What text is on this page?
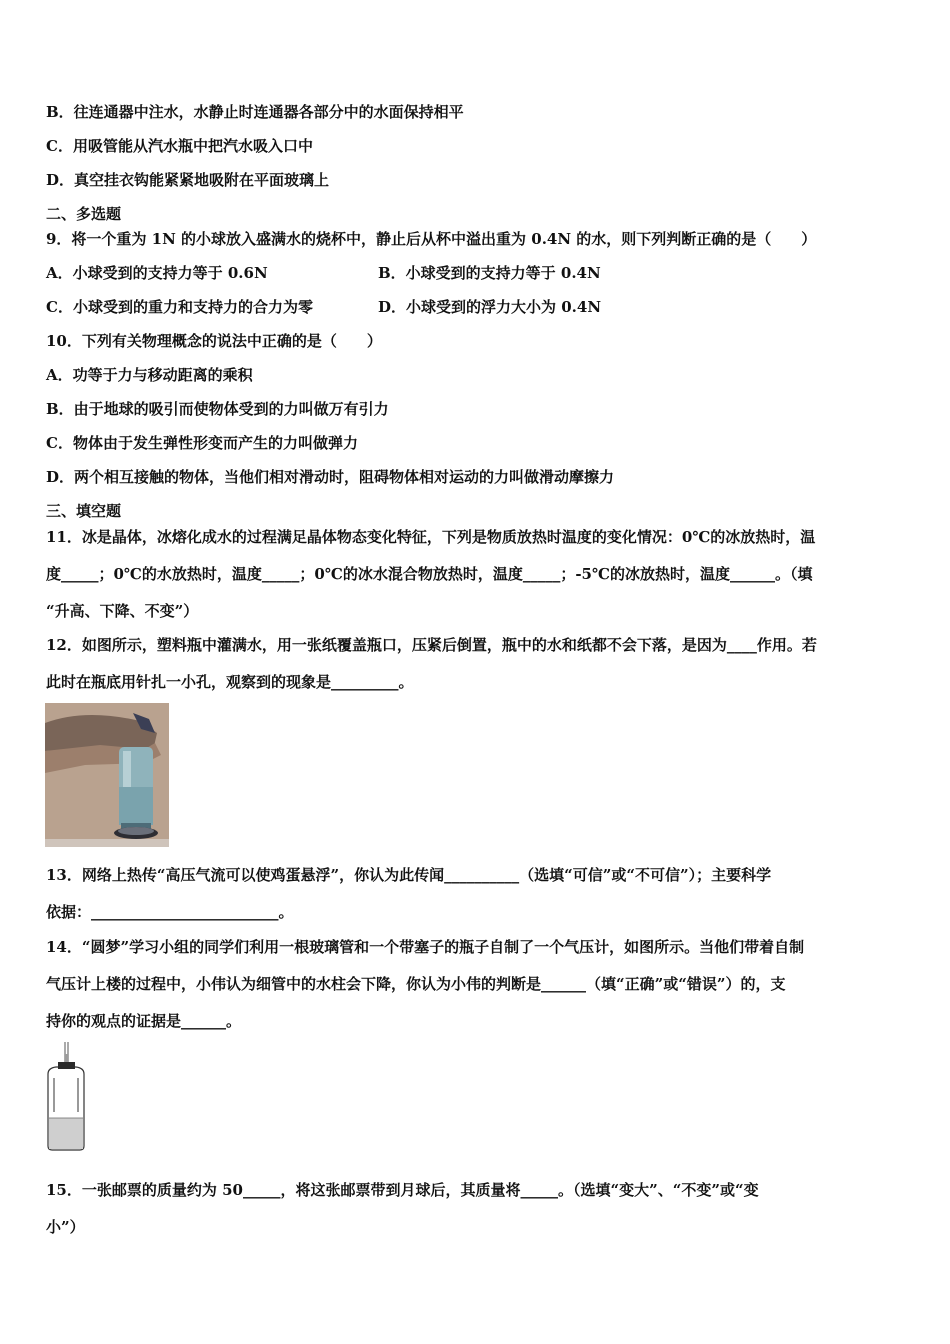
B．往连通器中注水，水静止时连通器各部分中的水面保持相平
C．用吸管能从汽水瓶中把汽水吸入口中
D．真空挂衣钩能紧紧地吸附在平面玻璃上
二、多选题
9．将一个重为 1N 的小球放入盛满水的烧杯中，静止后从杯中溢出重为 0.4N 的水，则下列判断正确的是（　　）
A．小球受到的支持力等于 0.6N	B．小球受到的支持力等于 0.4N
C．小球受到的重力和支持力的合力为零	D．小球受到的浮力大小为 0.4N
10．下列有关物理概念的说法中正确的是（　　）
A．功等于力与移动距离的乘积
B．由于地球的吸引而使物体受到的力叫做万有引力
C．物体由于发生弹性形变而产生的力叫做弹力
D．两个相互接触的物体，当他们相对滑动时，阻碍物体相对运动的力叫做滑动摩擦力
三、填空题
11．冰是晶体，冰熔化成水的过程满足晶体物态变化特征，下列是物质放热时温度的变化情况：0℃的冰放热时，温
度_____；0℃的水放热时，温度_____；0℃的冰水混合物放热时，温度_____；-5℃的冰放热时，温度______。（填
“升高、下降、不变”）
12．如图所示，塑料瓶中灌满水，用一张纸覆盖瓶口，压紧后倒置，瓶中的水和纸都不会下落，是因为____作用。若
此时在瓶底用针扎一小孔，观察到的现象是_________。
13．网络上热传“高压气流可以使鸡蛋悬浮”，你认为此传闻__________（选填“可信”或“不可信”）；主要科学
依据：_________________________。
14．“圆梦”学习小组的同学们利用一根玻璃管和一个带塞子的瓶子自制了一个气压计，如图所示。当他们带着自制
气压计上楼的过程中，小伟认为细管中的水柱会下降，你认为小伟的判断是______（填“正确”或“错误”）的，支
持你的观点的证据是______。
15．一张邮票的质量约为 50_____，将这张邮票带到月球后，其质量将_____。（选填“变大”、“不变”或“变
小”）
